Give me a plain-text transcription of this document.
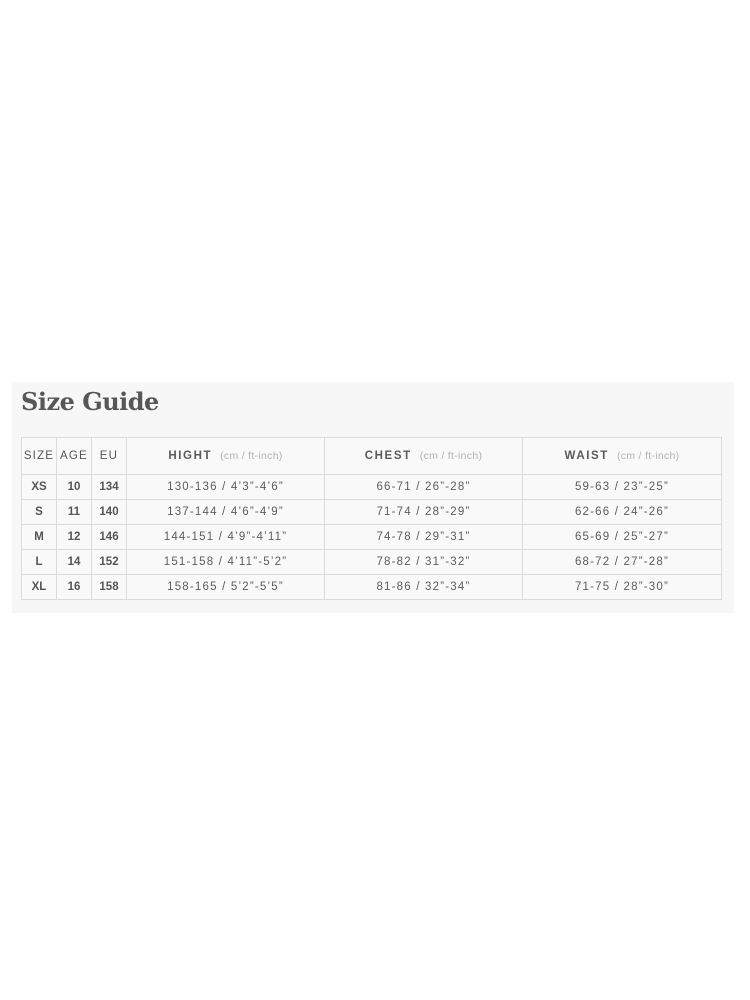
Size Guide
SIZE	AGE	EU	HIGHT (cm / ft-inch)	CHEST (cm / ft-inch)	WAIST (cm / ft-inch)
XS	10	134	130-136 / 4’3”-4’6”	66-71 / 26”-28”	59-63 / 23”-25”
S	11	140	137-144 / 4’6”-4’9”	71-74 / 28”-29”	62-66 / 24”-26”
M	12	146	144-151 / 4’9”-4’11”	74-78 / 29”-31”	65-69 / 25”-27”
L	14	152	151-158 / 4’11”-5’2”	78-82 / 31”-32”	68-72 / 27”-28”
XL	16	158	158-165 / 5’2”-5’5”	81-86 / 32”-34”	71-75 / 28”-30”
